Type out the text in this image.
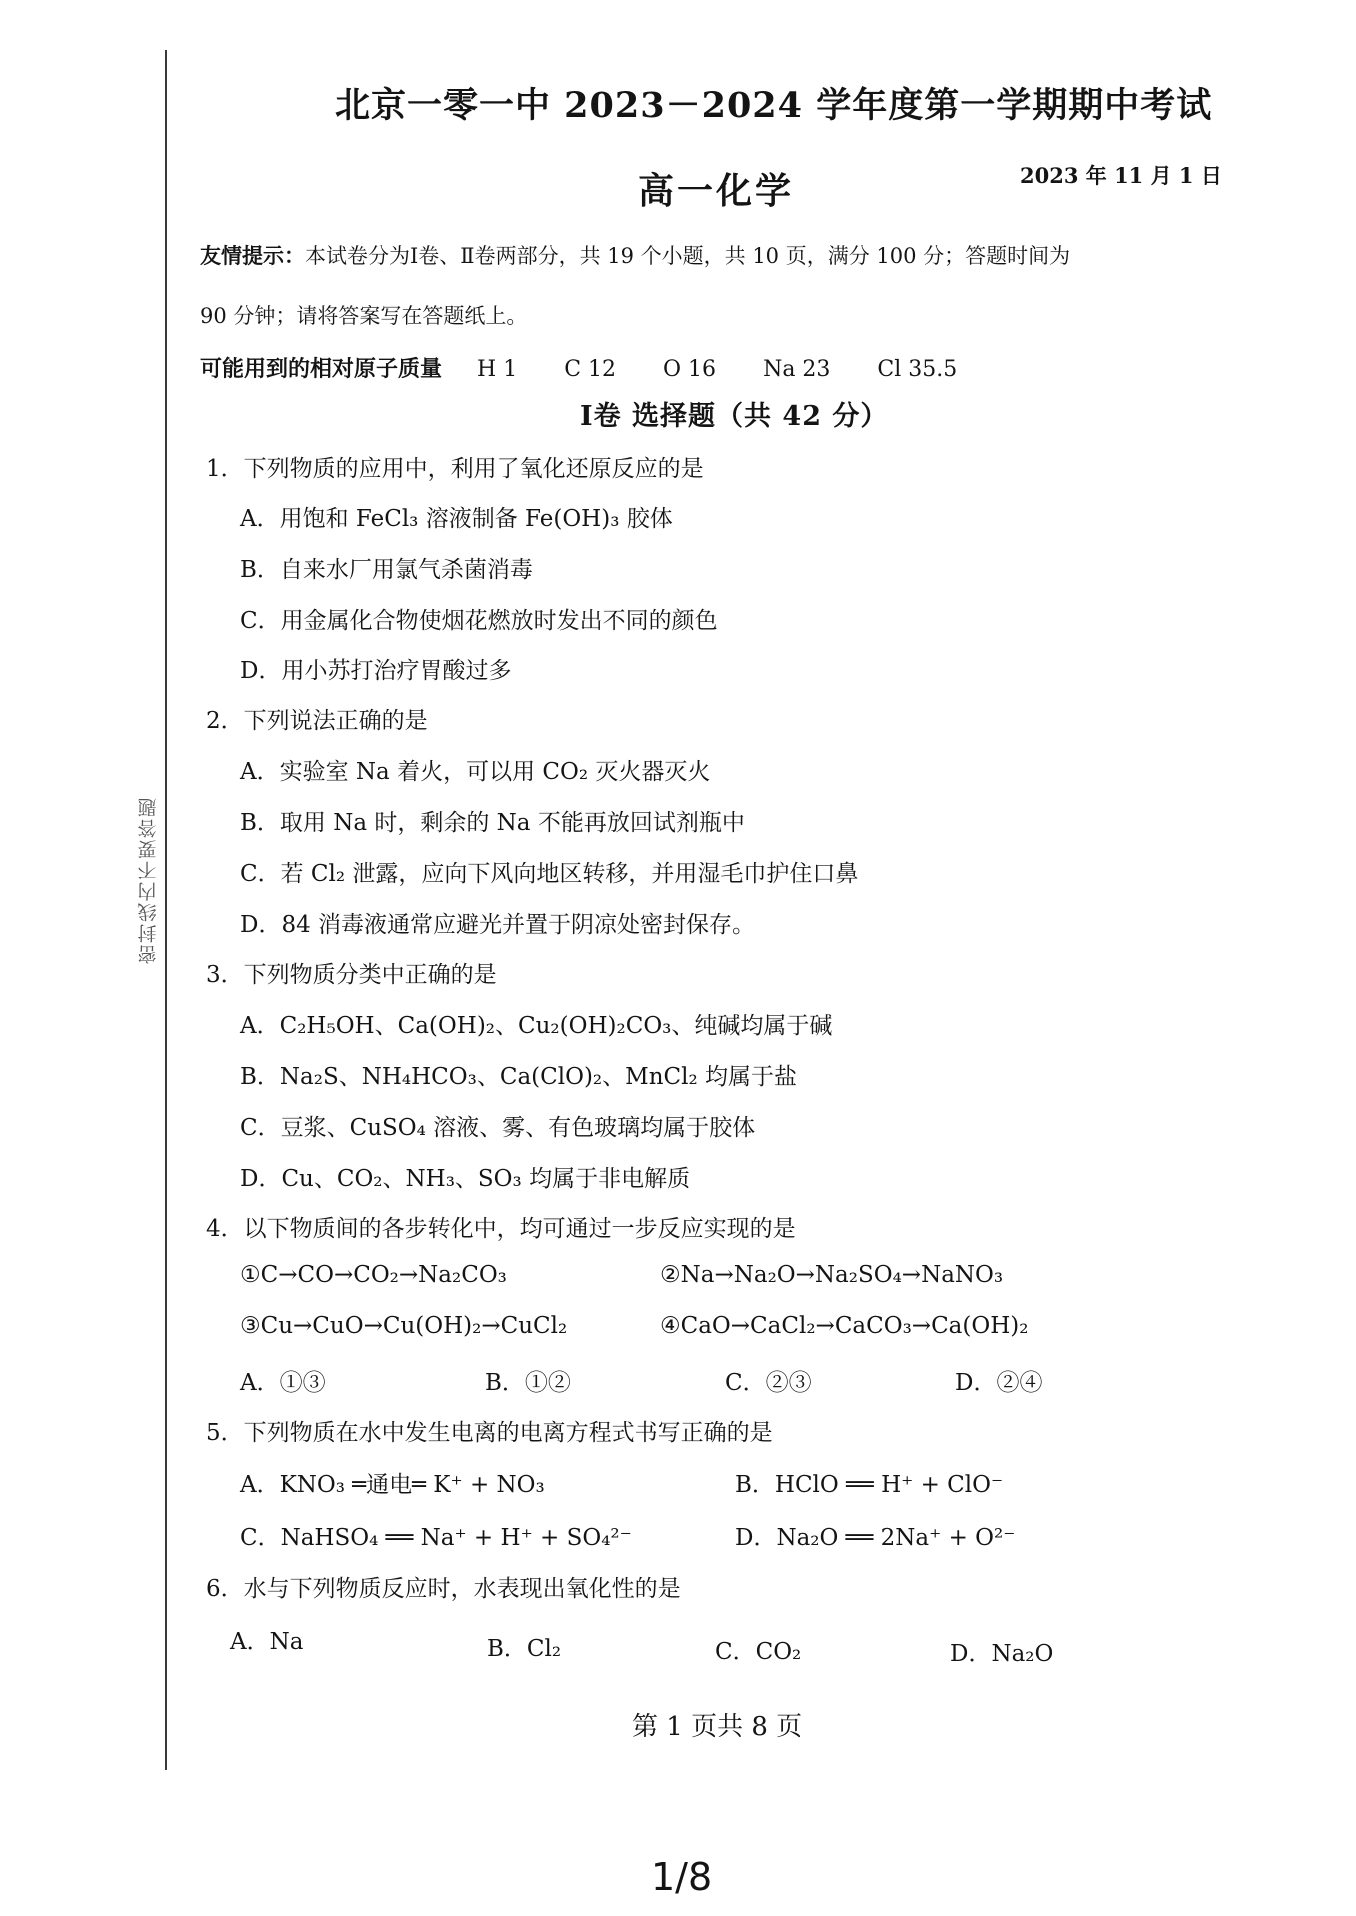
密封线内不要答题
北京一零一中 2023－2024 学年度第一学期期中考试
高一化学	2023 年 11 月 1 日
友情提示：本试卷分为Ⅰ卷、Ⅱ卷两部分，共 19 个小题，共 10 页，满分 100 分；答题时间为
90 分钟；请将答案写在答题纸上。
可能用到的相对原子质量 H 1 C 12 O 16 Na 23 Cl 35.5
Ⅰ卷 选择题（共 42 分）
1．下列物质的应用中，利用了氧化还原反应的是
A．用饱和 FeCl₃ 溶液制备 Fe(OH)₃ 胶体
B．自来水厂用氯气杀菌消毒
C．用金属化合物使烟花燃放时发出不同的颜色
D．用小苏打治疗胃酸过多
2．下列说法正确的是
A．实验室 Na 着火，可以用 CO₂ 灭火器灭火
B．取用 Na 时，剩余的 Na 不能再放回试剂瓶中
C．若 Cl₂ 泄露，应向下风向地区转移，并用湿毛巾护住口鼻
D．84 消毒液通常应避光并置于阴凉处密封保存。
3．下列物质分类中正确的是
A．C₂H₅OH、Ca(OH)₂、Cu₂(OH)₂CO₃、纯碱均属于碱
B．Na₂S、NH₄HCO₃、Ca(ClO)₂、MnCl₂ 均属于盐
C．豆浆、CuSO₄ 溶液、雾、有色玻璃均属于胶体
D．Cu、CO₂、NH₃、SO₃ 均属于非电解质
4．以下物质间的各步转化中，均可通过一步反应实现的是
①C→CO→CO₂→Na₂CO₃	②Na→Na₂O→Na₂SO₄→NaNO₃
③Cu→CuO→Cu(OH)₂→CuCl₂	④CaO→CaCl₂→CaCO₃→Ca(OH)₂
A．①③	B．①②	C．②③	D．②④
5．下列物质在水中发生电离的电离方程式书写正确的是
A．KNO₃ ═通电═ K⁺ + NO₃	B．HClO ══ H⁺ + ClO⁻
C．NaHSO₄ ══ Na⁺ + H⁺ + SO₄²⁻	D．Na₂O ══ 2Na⁺ + O²⁻
6．水与下列物质反应时，水表现出氧化性的是
A．Na	B．Cl₂	C．CO₂	D．Na₂O
第 1 页共 8 页
1/8
